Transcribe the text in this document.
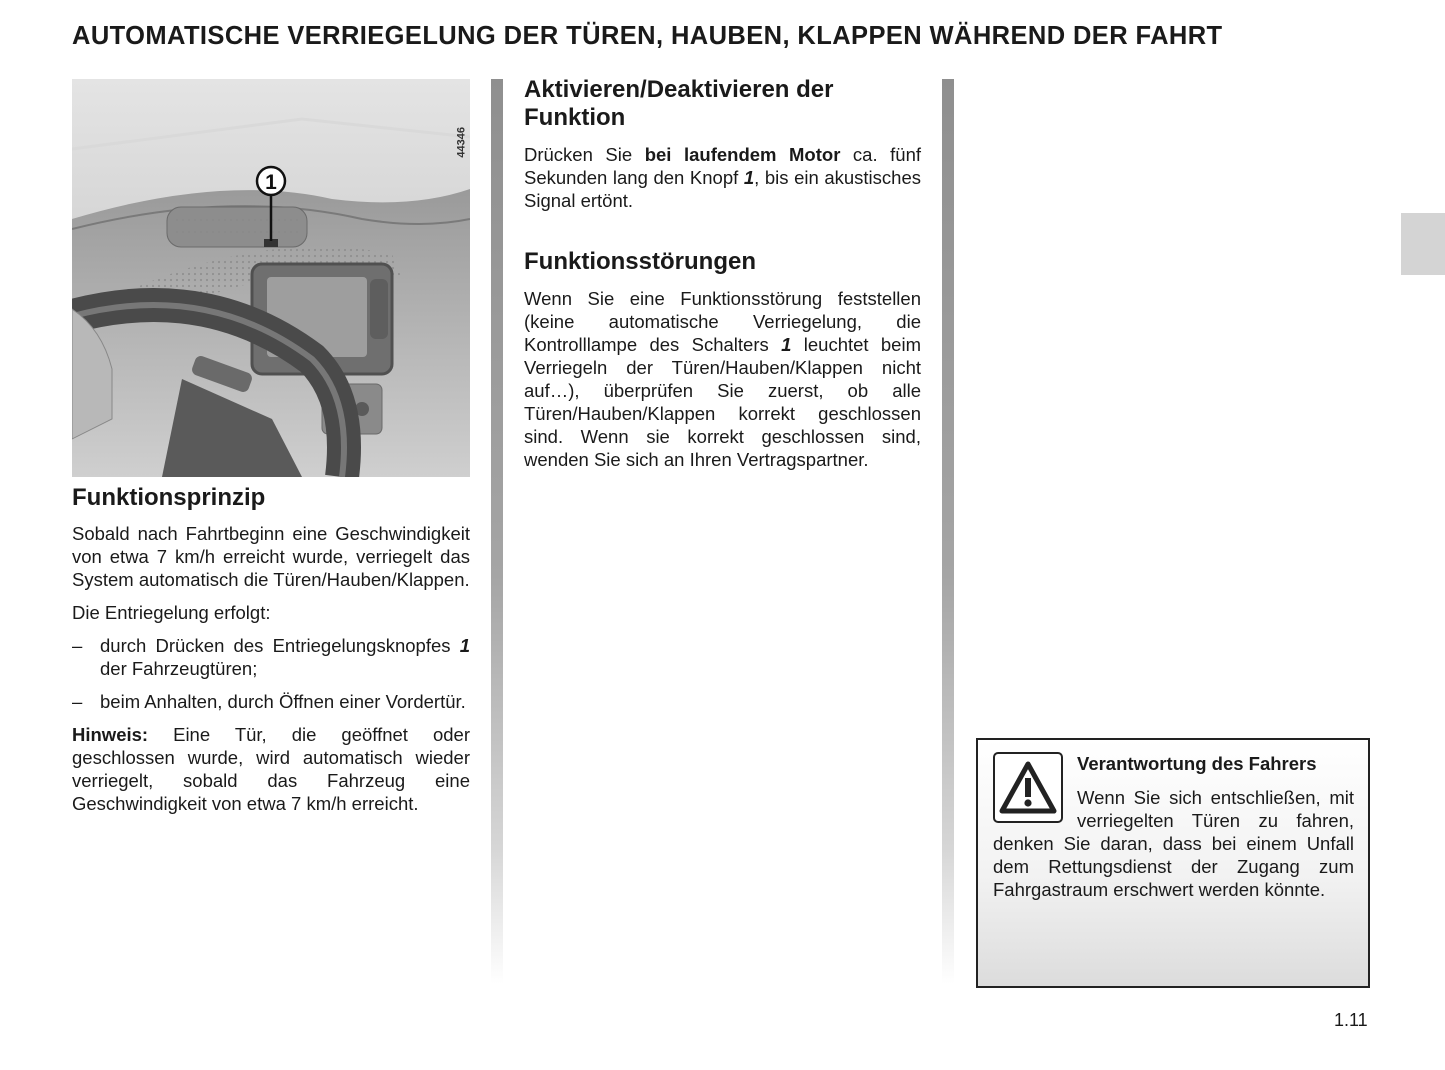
AUTOMATISCHE VERRIEGELUNG DER TÜREN, HAUBEN, KLAPPEN WÄHREND DER FAHRT
1
44346
Funktionsprinzip

Sobald nach Fahrtbeginn eine Geschwindigkeit von etwa 7 km/h erreicht wurde, verriegelt das System automatisch die Türen/Hauben/Klappen.

Die Entriegelung erfolgt:

– durch Drücken des Entriegelungsknopfes 1 der Fahrzeugtüren;
– beim Anhalten, durch Öffnen einer Vordertür.

Hinweis: Eine Tür, die geöffnet oder geschlossen wurde, wird automatisch wieder verriegelt, sobald das Fahrzeug eine Geschwindigkeit von etwa 7 km/h erreicht.

Aktivieren/Deaktivieren der Funktion

Drücken Sie bei laufendem Motor ca. fünf Sekunden lang den Knopf 1, bis ein akustisches Signal ertönt.

Funktionsstörungen

Wenn Sie eine Funktionsstörung feststellen (keine automatische Verriegelung, die Kontrolllampe des Schalters 1 leuchtet beim Verriegeln der Türen/Hauben/Klappen nicht auf…), überprüfen Sie zuerst, ob alle Türen/Hauben/Klappen korrekt geschlossen sind. Wenn sie korrekt geschlossen sind, wenden Sie sich an Ihren Vertragspartner.

Verantwortung des Fahrers

Wenn Sie sich entschließen, mit verriegelten Türen zu fahren, denken Sie daran, dass bei einem Unfall dem Rettungsdienst der Zugang zum Fahrgastraum erschwert werden könnte.

1.11
